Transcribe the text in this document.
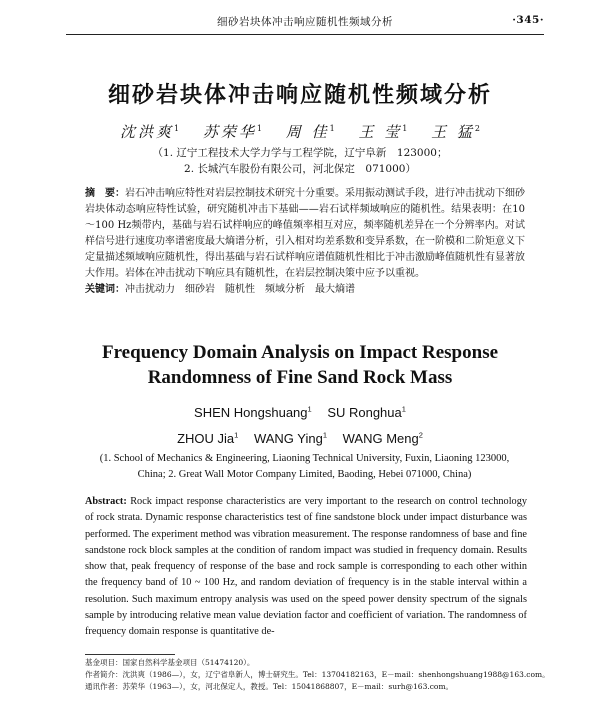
细砂岩块体冲击响应随机性频域分析	·345·
细砂岩块体冲击响应随机性频域分析
沈洪爽$^1$ 苏荣华$^1$ 周 佳$^1$ 王 莹$^1$ 王 猛$^2$
（1. 辽宁工程技术大学力学与工程学院，辽宁阜新　123000；
2. 长城汽车股份有限公司，河北保定　071000）
摘　要：岩石冲击响应特性对岩层控制技术研究十分重要。采用振动测试手段，进行冲击扰动下细砂岩块体动态响应特性试验，研究随机冲击下基础——岩石试样频域响应的随机性。结果表明：在10～100 Hz频带内，基础与岩石试样响应的峰值频率相互对应，频率随机差异在一个分辨率内。对试样信号进行速度功率谱密度最大熵谱分析，引入相对均差系数和变异系数，在一阶模和二阶矩意义下定量描述频域响应随机性，得出基础与岩石试样响应谱值随机性相比于冲击激励峰值随机性有显著放大作用。岩体在冲击扰动下响应具有随机性，在岩层控制决策中应予以重视。
关键词：冲击扰动力　细砂岩　随机性　频域分析　最大熵谱
Frequency Domain Analysis on Impact Response
Randomness of Fine Sand Rock Mass
SHEN Hongshuang$^1$ SU Ronghua$^1$
ZHOU Jia$^1$ WANG Ying$^1$ WANG Meng$^2$
(1. School of Mechanics & Engineering, Liaoning Technical University, Fuxin, Liaoning 123000, China; 2. Great Wall Motor Company Limited, Baoding, Hebei 071000, China)
Abstract: Rock impact response characteristics are very important to the research on control technology of rock strata. Dynamic response characteristics test of fine sandstone block under impact disturbance was performed. The experiment method was vibration measurement. The response randomness of base and fine sandstone rock block samples at the condition of random impact was studied in frequency domain. Results show that, peak frequency of response of the base and rock sample is corresponding to each other within the frequency band of 10 ~ 100 Hz, and random deviation of frequency is in the stable interval within a resolution. Such maximum entropy analysis was used on the speed power density spectrum of the signals sample by introducing relative mean value deviation factor and coefficient of variation. The randomness of frequency domain response is quantitative de-
基金项目：国家自然科学基金项目（51474120）。
作者简介：沈洪爽（1986—），女，辽宁省阜新人，博士研究生。Tel：13704182163，E－mail：shenhongshuang1988@163.com。
通讯作者：苏荣华（1963—），女，河北保定人，教授。Tel：15041868807，E－mail：surh@163.com。
